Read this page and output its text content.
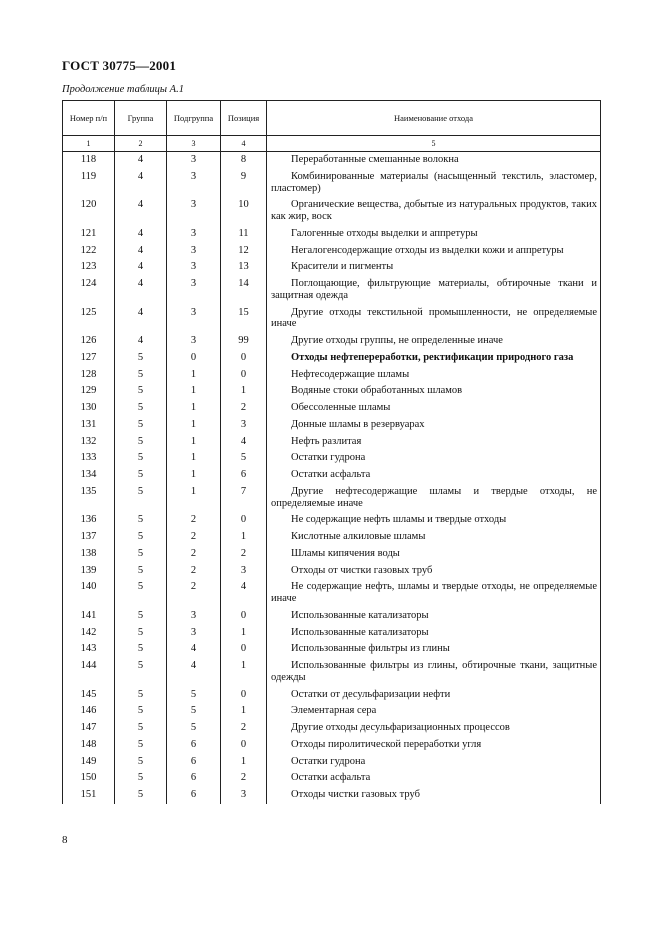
ГОСТ 30775—2001
Продолжение таблицы А.1
Номер п/п	Группа	Подгруппа	Позиция	Наименование отхода
1	2	3	4	5
118	4	3	8	Переработанные смешанные волокна

119	4	3	9	Комбинированные материалы (насыщенный текстиль, эластомер, пластомер)

120	4	3	10	Органические вещества, добытые из натуральных продуктов, таких как жир, воск

121	4	3	11	Галогенные отходы выделки и аппретуры

122	4	3	12	Негалогенсодержащие отходы из выделки кожи и аппретуры

123	4	3	13	Красители и пигменты

124	4	3	14	Поглощающие, фильтрующие материалы, обтирочные ткани и защитная одежда

125	4	3	15	Другие отходы текстильной промышленности, не определяемые иначе

126	4	3	99	Другие отходы группы, не определенные иначе

127	5	0	0	Отходы нефтепереработки, ректификации природного газа

128	5	1	0	Нефтесодержащие шламы

129	5	1	1	Водяные стоки обработанных шламов

130	5	1	2	Обессоленные шламы

131	5	1	3	Донные шламы в резервуарах

132	5	1	4	Нефть разлитая

133	5	1	5	Остатки гудрона

134	5	1	6	Остатки асфальта

135	5	1	7	Другие нефтесодержащие шламы и твердые отходы, не определяемые иначе

136	5	2	0	Не содержащие нефть шламы и твердые отходы

137	5	2	1	Кислотные алкиловые шламы

138	5	2	2	Шламы кипячения воды

139	5	2	3	Отходы от чистки газовых труб

140	5	2	4	Не содержащие нефть, шламы и твердые отходы, не определяемые иначе

141	5	3	0	Использованные катализаторы

142	5	3	1	Использованные катализаторы

143	5	4	0	Использованные фильтры из глины

144	5	4	1	Использованные фильтры из глины, обтирочные ткани, защитные одежды

145	5	5	0	Остатки от десульфаризации нефти

146	5	5	1	Элементарная сера

147	5	5	2	Другие отходы десульфаризационных процессов

148	5	6	0	Отходы пиролитической переработки угля

149	5	6	1	Остатки гудрона

150	5	6	2	Остатки асфальта

151	5	6	3	Отходы чистки газовых труб
8
